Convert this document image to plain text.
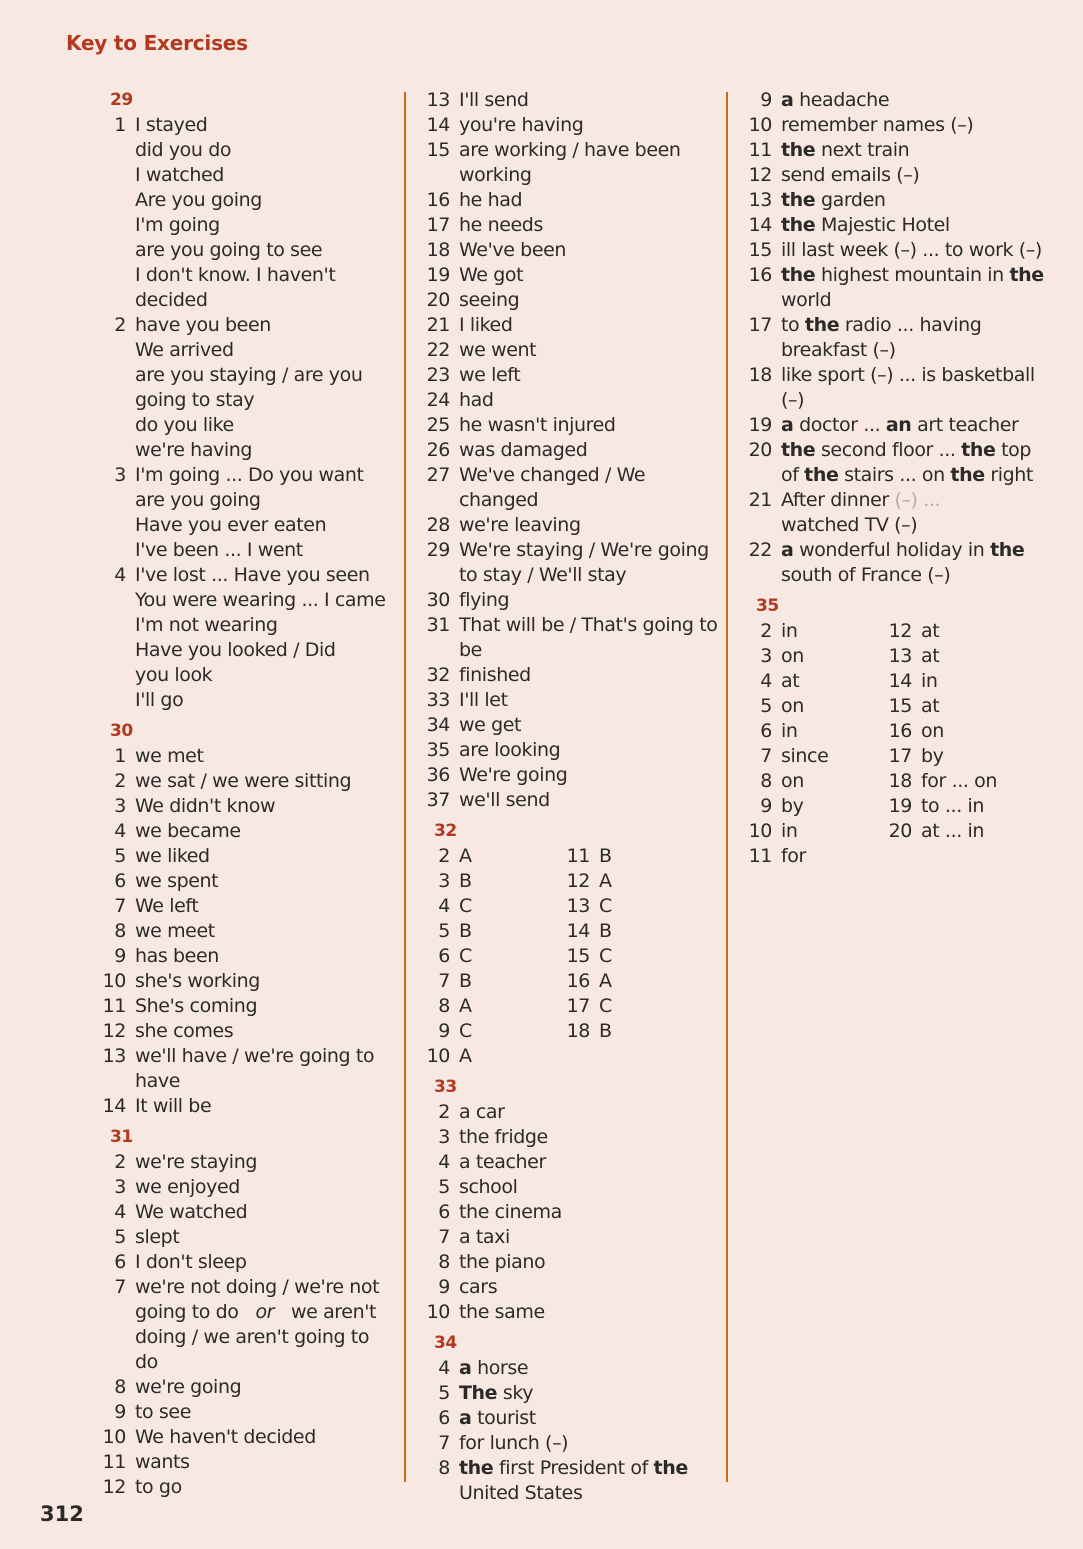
Key to Exercises
29
1 I stayed
did you do
I watched
Are you going
I'm going
are you going to see
I don't know. I haven't
decided
2 have you been
We arrived
are you staying / are you
going to stay
do you like
we're having
3 I'm going ... Do you want
are you going
Have you ever eaten
I've been ... I went
4 I've lost ... Have you seen
You were wearing ... I came
I'm not wearing
Have you looked / Did
you look
I'll go
30
1 we met
2 we sat / we were sitting
3 We didn't know
4 we became
5 we liked
6 we spent
7 We left
8 we meet
9 has been
10 she's working
11 She's coming
12 she comes
13 we'll have / we're going to
have
14 It will be
31
2 we're staying
3 we enjoyed
4 We watched
5 slept
6 I don't sleep
7 we're not doing / we're not
going to do or we aren't
doing / we aren't going to do
8 we're going
9 to see
10 We haven't decided
11 wants
12 to go
13 I'll send
14 you're having
15 are working / have been
working
16 he had
17 he needs
18 We've been
19 We got
20 seeing
21 I liked
22 we went
23 we left
24 had
25 he wasn't injured
26 was damaged
27 We've changed / We changed
28 we're leaving
29 We're staying / We're going
to stay / We'll stay
30 flying
31 That will be / That's going to
be
32 finished
33 I'll let
34 we get
35 are looking
36 We're going
37 we'll send
32
2 A
3 B
4 C
5 B
6 C
7 B
8 A
9 C
10 A
11 B
12 A
13 C
14 B
15 C
16 A
17 C
18 B
33
2 a car
3 the fridge
4 a teacher
5 school
6 the cinema
7 a taxi
8 the piano
9 cars
10 the same
34
4 a horse
5 The sky
6 a tourist
7 for lunch (–)
8 the first President of the
United States
9 a headache
10 remember names (–)
11 the next train
12 send emails (–)
13 the garden
14 the Majestic Hotel
15 ill last week (–) ... to work (–)
16 the highest mountain in the
world
17 to the radio ... having
breakfast (–)
18 like sport (–) ... is basketball
(–)
19 a doctor ... an art teacher
20 the second floor ... the top
of the stairs ... on the right
21 After dinner (–) ...
watched TV (–)
22 a wonderful holiday in the
south of France (–)
35
2 in
3 on
4 at
5 on
6 in
7 since
8 on
9 by
10 in
11 for
12 at
13 at
14 in
15 at
16 on
17 by
18 for ... on
19 to ... in
20 at ... in
312
